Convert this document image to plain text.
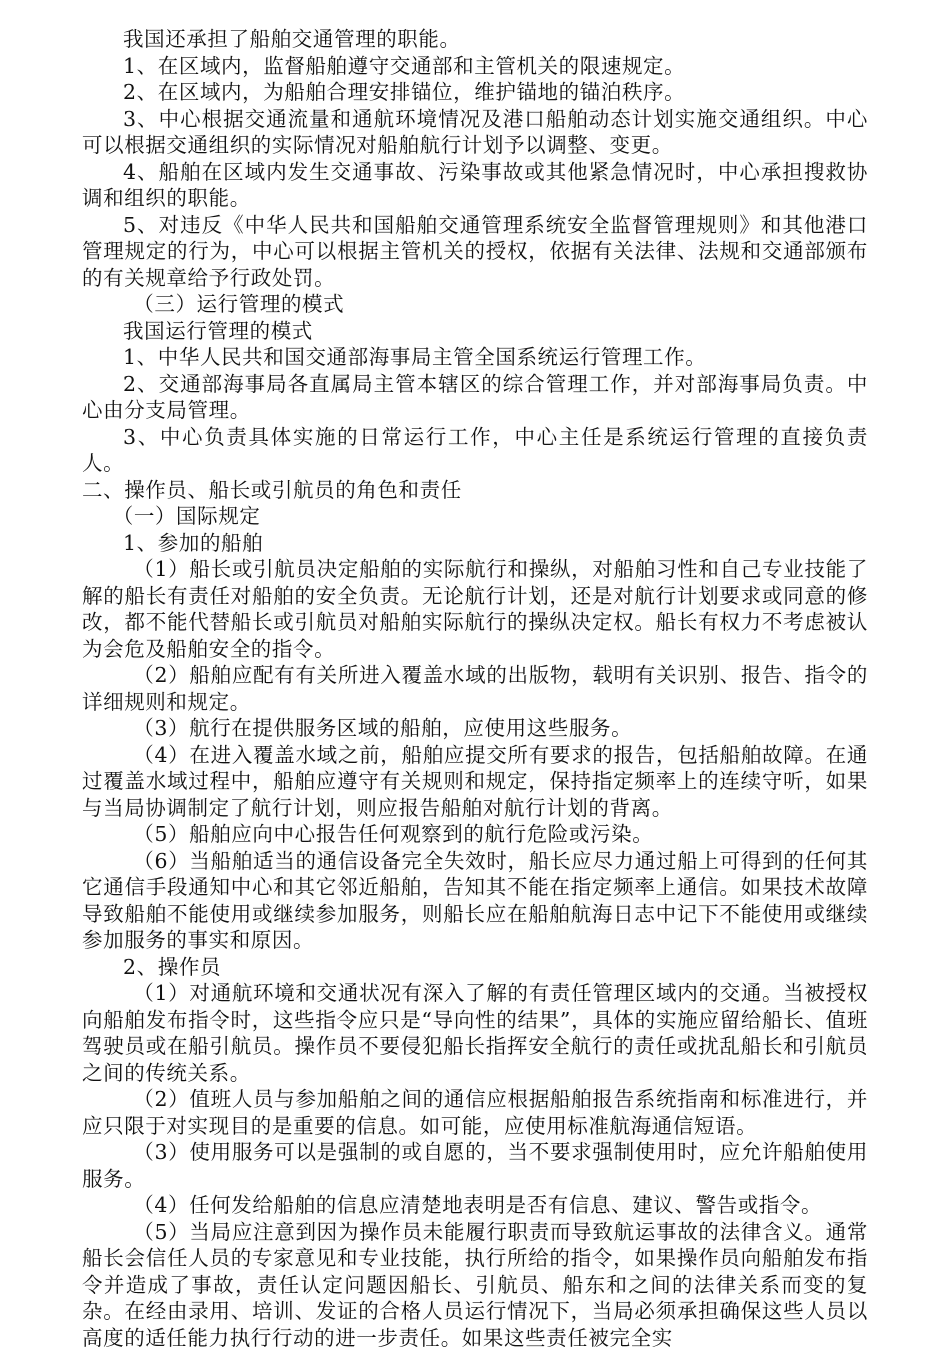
我国还承担了船舶交通管理的职能。

1、在区域内，监督船舶遵守交通部和主管机关的限速规定。

2、在区域内，为船舶合理安排锚位，维护锚地的锚泊秩序。

3、中心根据交通流量和通航环境情况及港口船舶动态计划实施交通组织。中心可以根据交通组织的实际情况对船舶航行计划予以调整、变更。

4、船舶在区域内发生交通事故、污染事故或其他紧急情况时，中心承担搜救协调和组织的职能。

5、对违反《中华人民共和国船舶交通管理系统安全监督管理规则》和其他港口管理规定的行为，中心可以根据主管机关的授权，依据有关法律、法规和交通部颁布的有关规章给予行政处罚。

（三）运行管理的模式

我国运行管理的模式

1、中华人民共和国交通部海事局主管全国系统运行管理工作。

2、交通部海事局各直属局主管本辖区的综合管理工作，并对部海事局负责。中心由分支局管理。

3、中心负责具体实施的日常运行工作，中心主任是系统运行管理的直接负责人。

二、操作员、船长或引航员的角色和责任

（一）国际规定

1、参加的船舶

（1）船长或引航员决定船舶的实际航行和操纵，对船舶习性和自己专业技能了解的船长有责任对船舶的安全负责。无论航行计划，还是对航行计划要求或同意的修改，都不能代替船长或引航员对船舶实际航行的操纵决定权。船长有权力不考虑被认为会危及船舶安全的指令。

（2）船舶应配有有关所进入覆盖水域的出版物，载明有关识别、报告、指令的详细规则和规定。

（3）航行在提供服务区域的船舶，应使用这些服务。

（4）在进入覆盖水域之前，船舶应提交所有要求的报告，包括船舶故障。在通过覆盖水域过程中，船舶应遵守有关规则和规定，保持指定频率上的连续守听，如果与当局协调制定了航行计划，则应报告船舶对航行计划的背离。

（5）船舶应向中心报告任何观察到的航行危险或污染。

（6）当船舶适当的通信设备完全失效时，船长应尽力通过船上可得到的任何其它通信手段通知中心和其它邻近船舶，告知其不能在指定频率上通信。如果技术故障导致船舶不能使用或继续参加服务，则船长应在船舶航海日志中记下不能使用或继续参加服务的事实和原因。

2、操作员

（1）对通航环境和交通状况有深入了解的有责任管理区域内的交通。当被授权向船舶发布指令时，这些指令应只是“导向性的结果”，具体的实施应留给船长、值班驾驶员或在船引航员。操作员不要侵犯船长指挥安全航行的责任或扰乱船长和引航员之间的传统关系。

（2）值班人员与参加船舶之间的通信应根据船舶报告系统指南和标准进行，并应只限于对实现目的是重要的信息。如可能，应使用标准航海通信短语。

（3）使用服务可以是强制的或自愿的，当不要求强制使用时，应允许船舶使用服务。

（4）任何发给船舶的信息应清楚地表明是否有信息、建议、警告或指令。

（5）当局应注意到因为操作员未能履行职责而导致航运事故的法律含义。通常船长会信任人员的专家意见和专业技能，执行所给的指令，如果操作员向船舶发布指令并造成了事故，责任认定问题因船长、引航员、船东和之间的法律关系而变的复杂。在经由录用、培训、发证的合格人员运行情况下，当局必须承担确保这些人员以高度的适任能力执行行动的进一步责任。如果这些责任被完全实
